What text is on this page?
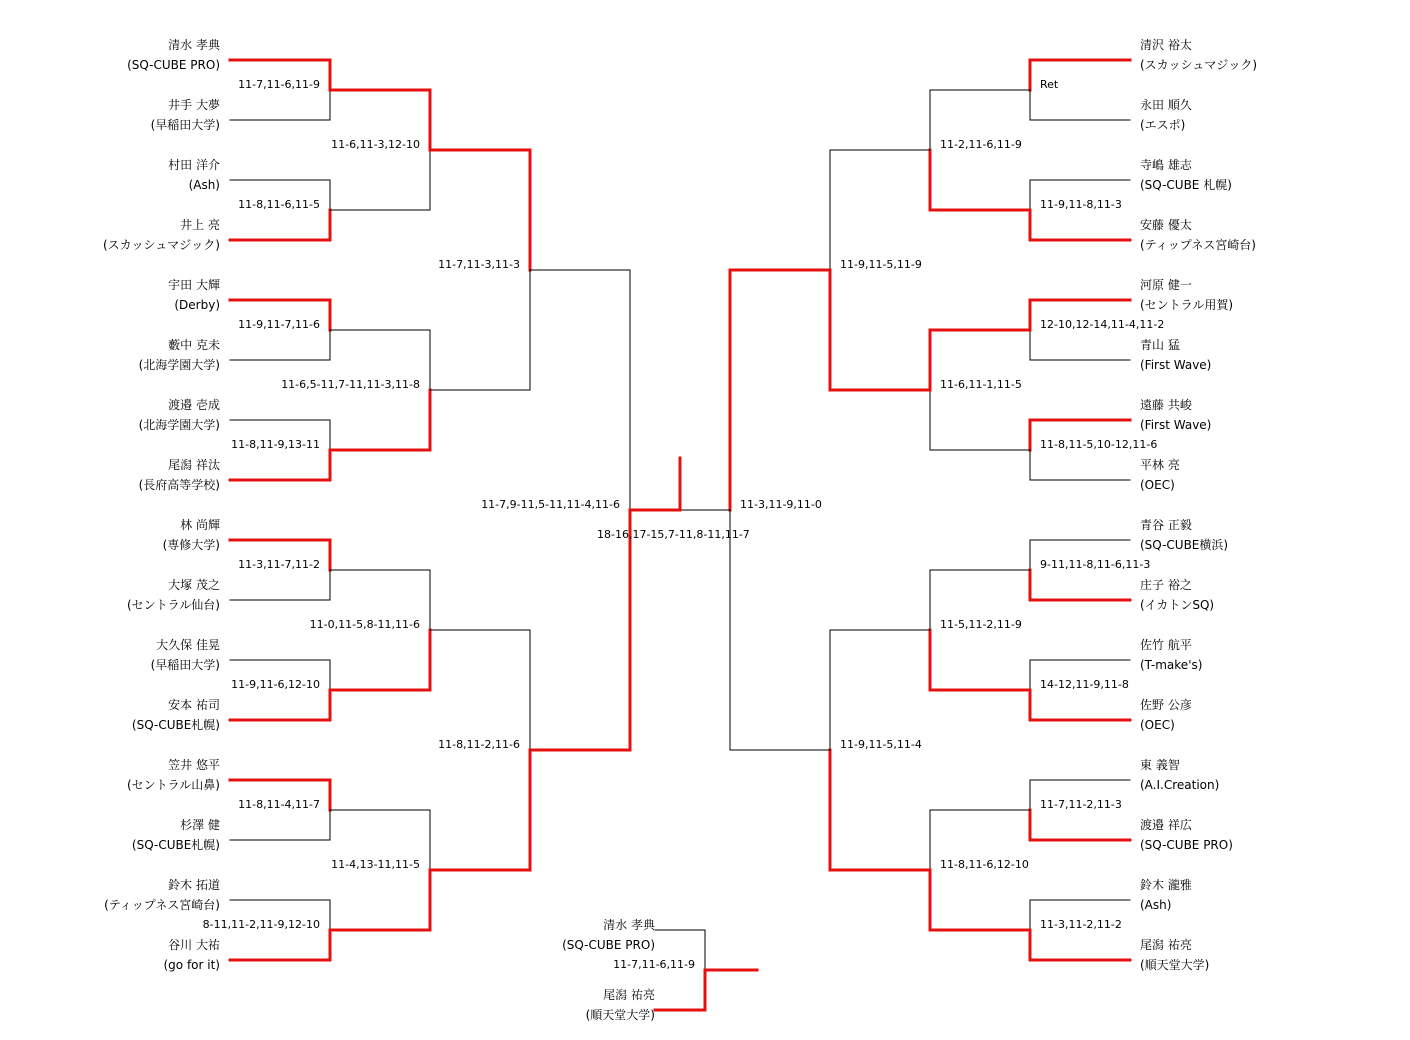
清水 孝典
(SQ-CUBE PRO)
井手 大夢
(早稲田大学)
村田 洋介
(Ash)
井上 亮
(スカッシュマジック)
宇田 大輝
(Derby)
藪中 克未
(北海学園大学)
渡邉 壱成
(北海学園大学)
尾潟 祥汰
(長府高等学校)
林 尚輝
(専修大学)
大塚 茂之
(セントラル仙台)
大久保 佳晃
(早稲田大学)
安本 祐司
(SQ-CUBE札幌)
笠井 悠平
(セントラル山鼻)
杉澤 健
(SQ-CUBE札幌)
鈴木 拓道
(ティップネス宮崎台)
谷川 大祐
(go for it)
11-7,11-6,11-9
11-8,11-6,11-5
11-9,11-7,11-6
11-8,11-9,13-11
11-3,11-7,11-2
11-9,11-6,12-10
11-8,11-4,11-7
8-11,11-2,11-9,12-10
11-6,11-3,12-10
11-6,5-11,7-11,11-3,11-8
11-0,11-5,8-11,11-6
11-4,13-11,11-5
11-7,11-3,11-3
11-8,11-2,11-6
11-7,9-11,5-11,11-4,11-6
清沢 裕太
(スカッシュマジック)
永田 順久
(エスポ)
寺嶋 雄志
(SQ-CUBE 札幌)
安藤 優太
(ティップネス宮崎台)
河原 健一
(セントラル用賀)
青山 猛
(First Wave)
遠藤 共峻
(First Wave)
平林 亮
(OEC)
青谷 正毅
(SQ-CUBE横浜)
庄子 裕之
(イカトンSQ)
佐竹 航平
(T-make's)
佐野 公彦
(OEC)
東 義智
(A.I.Creation)
渡邉 祥広
(SQ-CUBE PRO)
鈴木 瀧雅
(Ash)
尾潟 祐亮
(順天堂大学)
Ret
11-9,11-8,11-3
12-10,12-14,11-4,11-2
11-8,11-5,10-12,11-6
9-11,11-8,11-6,11-3
14-12,11-9,11-8
11-7,11-2,11-3
11-3,11-2,11-2
11-2,11-6,11-9
11-6,11-1,11-5
11-5,11-2,11-9
11-8,11-6,12-10
11-9,11-5,11-9
11-9,11-5,11-4
11-3,11-9,11-0
18-16,17-15,7-11,8-11,11-7
清水 孝典
(SQ-CUBE PRO)
尾潟 祐亮
(順天堂大学)
11-7,11-6,11-9
